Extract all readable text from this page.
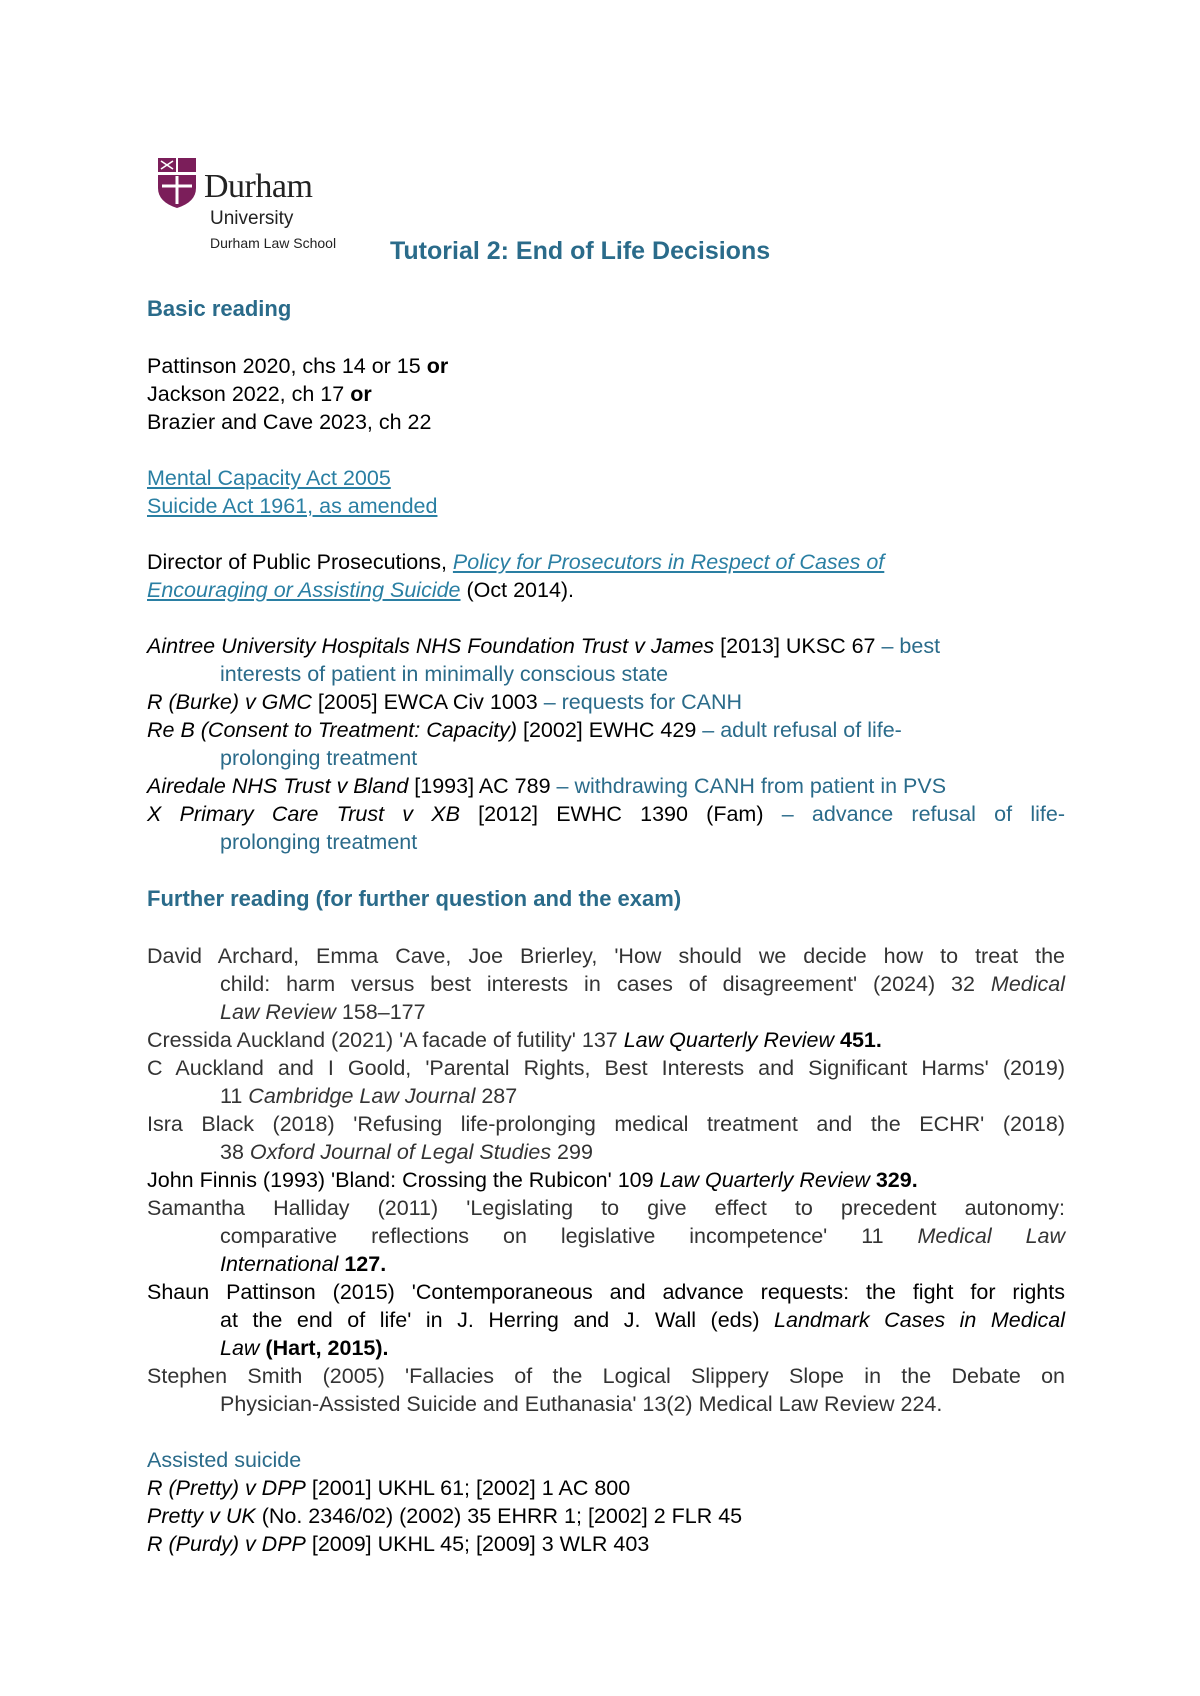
Durham
University
Durham Law School Tutorial 2: End of Life Decisions
Basic reading
Pattinson 2020, chs 14 or 15 or
Jackson 2022, ch 17 or
Brazier and Cave 2023, ch 22
Mental Capacity Act 2005
Suicide Act 1961, as amended
Director of Public Prosecutions, Policy for Prosecutors in Respect of Cases of
Encouraging or Assisting Suicide (Oct 2014).
Aintree University Hospitals NHS Foundation Trust v James [2013] UKSC 67 – best
interests of patient in minimally conscious state
R (Burke) v GMC [2005] EWCA Civ 1003 – requests for CANH
Re B (Consent to Treatment: Capacity) [2002] EWHC 429 – adult refusal of life-
prolonging treatment
Airedale NHS Trust v Bland [1993] AC 789 – withdrawing CANH from patient in PVS
X Primary Care Trust v XB [2012] EWHC 1390 (Fam) – advance refusal of life-
prolonging treatment
Further reading (for further question and the exam)
David Archard, Emma Cave, Joe Brierley, 'How should we decide how to treat the
child: harm versus best interests in cases of disagreement' (2024) 32 Medical
Law Review 158–177
Cressida Auckland (2021) 'A facade of futility' 137 Law Quarterly Review 451.
C Auckland and I Goold, 'Parental Rights, Best Interests and Significant Harms' (2019)
11 Cambridge Law Journal 287
Isra Black (2018) 'Refusing life-prolonging medical treatment and the ECHR' (2018)
38 Oxford Journal of Legal Studies 299
John Finnis (1993) 'Bland: Crossing the Rubicon' 109 Law Quarterly Review 329.
Samantha Halliday (2011) 'Legislating to give effect to precedent autonomy:
comparative reflections on legislative incompetence' 11 Medical Law
International 127.
Shaun Pattinson (2015) 'Contemporaneous and advance requests: the fight for rights
at the end of life' in J. Herring and J. Wall (eds) Landmark Cases in Medical
Law (Hart, 2015).
Stephen Smith (2005) 'Fallacies of the Logical Slippery Slope in the Debate on
Physician-Assisted Suicide and Euthanasia' 13(2) Medical Law Review 224.
Assisted suicide
R (Pretty) v DPP [2001] UKHL 61; [2002] 1 AC 800
Pretty v UK (No. 2346/02) (2002) 35 EHRR 1; [2002] 2 FLR 45
R (Purdy) v DPP [2009] UKHL 45; [2009] 3 WLR 403
